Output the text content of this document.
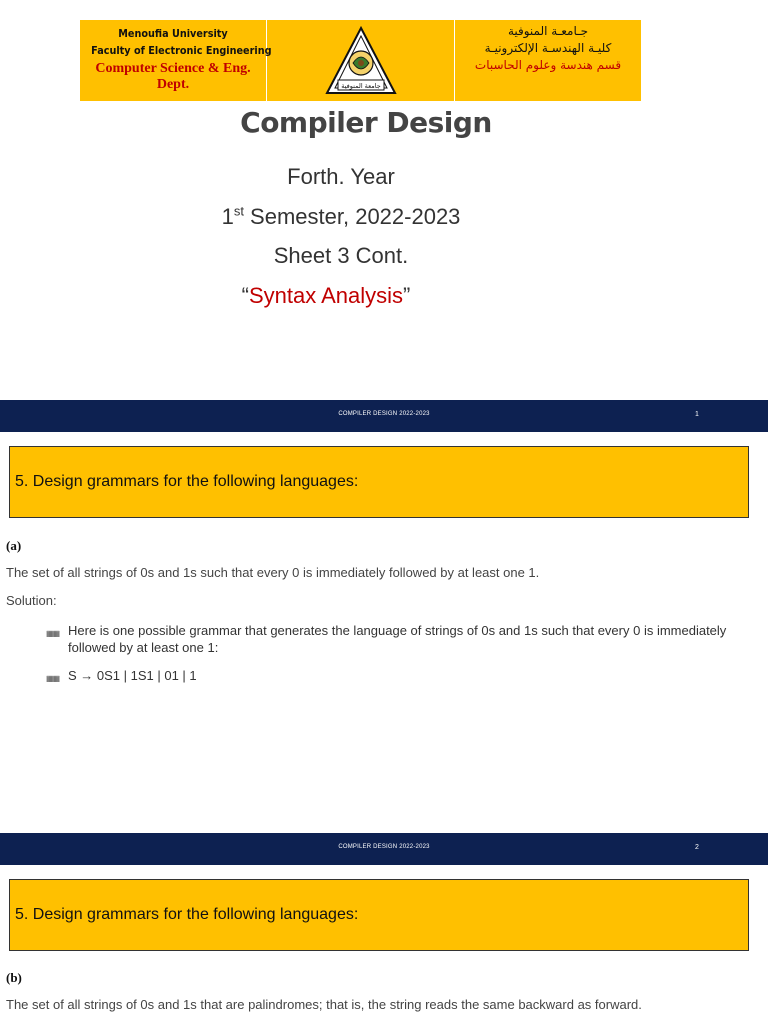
Menoufia University
Faculty of Electronic Engineering
Computer Science & Eng.
Dept.	جامعة المنوفية
جـامعـة المنوفية
كليـة الهندسـة الإلكترونيـة
قسم هندسة وعلوم الحاسبات
Compiler Design
Forth. Year
1st Semester, 2022-2023
Sheet 3 Cont.
“Syntax Analysis”
COMPILER DESIGN 2022-2023	1
5. Design grammars for the following languages:
(a)
The set of all strings of 0s and 1s such that every 0 is immediately followed by at least one 1.
Solution:
▦▦ Here is one possible grammar that generates the language of strings of 0s and 1s such that every 0 is immediately followed by at least one 1:
▦▦ S → 0S1 | 1S1 | 01 | 1
COMPILER DESIGN 2022-2023	2
5. Design grammars for the following languages:
(b)
The set of all strings of 0s and 1s that are palindromes; that is, the string reads the same backward as forward.
